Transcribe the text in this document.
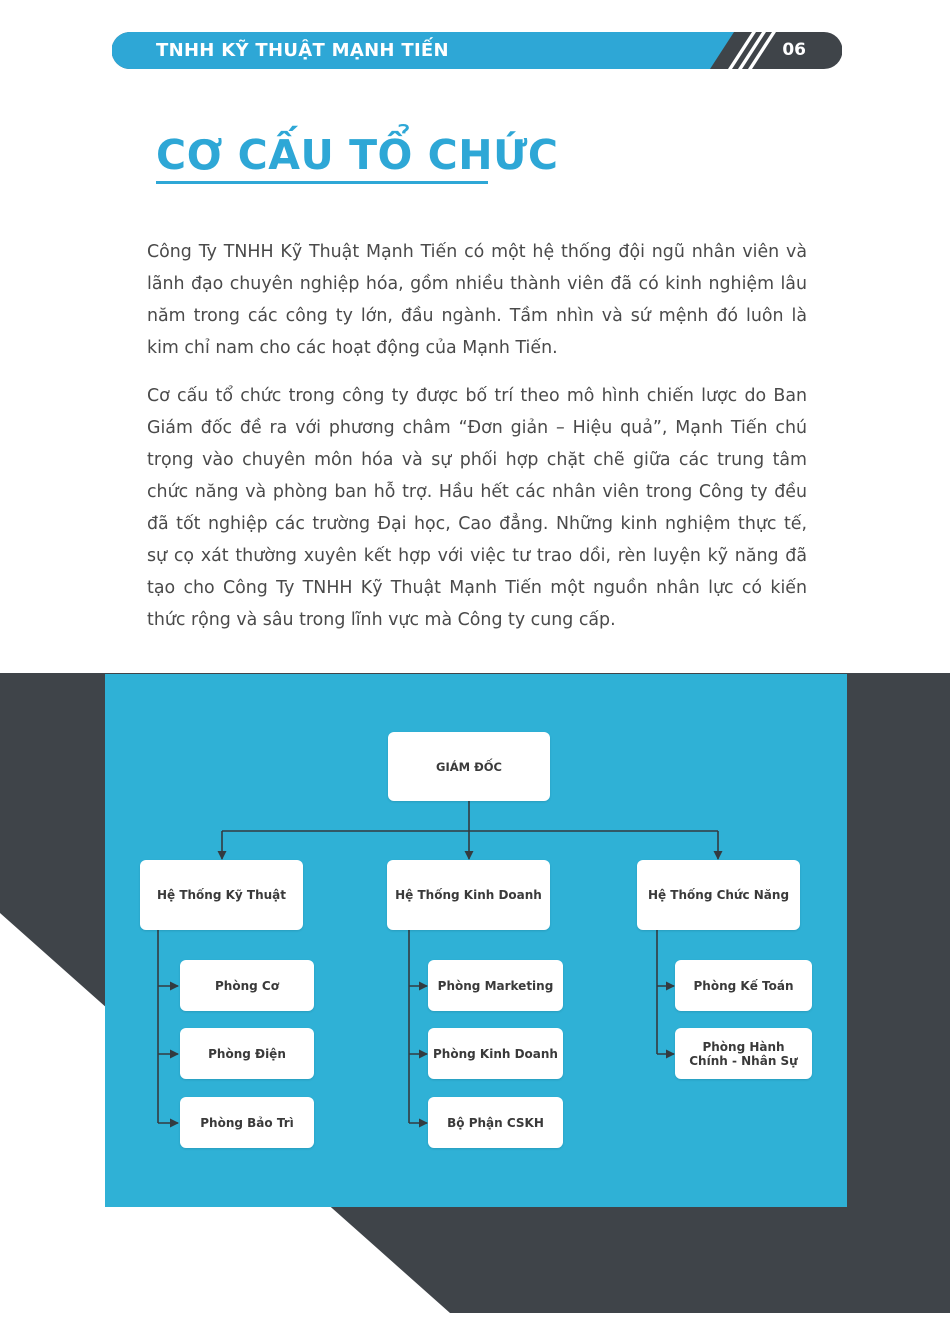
TNHH KỸ THUẬT MẠNH TIẾN	06
CƠ CẤU TỔ CHỨC

Công Ty TNHH Kỹ Thuật Mạnh Tiến có một hệ thống đội ngũ nhân viên và lãnh đạo chuyên nghiệp hóa, gồm nhiều thành viên đã có kinh nghiệm lâu năm trong các công ty lớn, đầu ngành. Tầm nhìn và sứ mệnh đó luôn là kim chỉ nam cho các hoạt động của Mạnh Tiến.

Cơ cấu tổ chức trong công ty được bố trí theo mô hình chiến lược do Ban Giám đốc đề ra với phương châm “Đơn giản – Hiệu quả”, Mạnh Tiến chú trọng vào chuyên môn hóa và sự phối hợp chặt chẽ giữa các trung tâm chức năng và phòng ban hỗ trợ. Hầu hết các nhân viên trong Công ty đều đã tốt nghiệp các trường Đại học, Cao đẳng. Những kinh nghiệm thực tế, sự cọ xát thường xuyên kết hợp với việc tư trao dồi, rèn luyện kỹ năng đã tạo cho Công Ty TNHH Kỹ Thuật Mạnh Tiến một nguồn nhân lực có kiến thức rộng và sâu trong lĩnh vực mà Công ty cung cấp.

GIÁM ĐỐC
Hệ Thống Kỹ Thuật	Hệ Thống Kinh Doanh	Hệ Thống Chức Năng
Phòng Cơ
Phòng Điện
Phòng Bảo Trì
Phòng Marketing
Phòng Kinh Doanh
Bộ Phận CSKH
Phòng Kế Toán
Phòng Hành Chính - Nhân Sự
